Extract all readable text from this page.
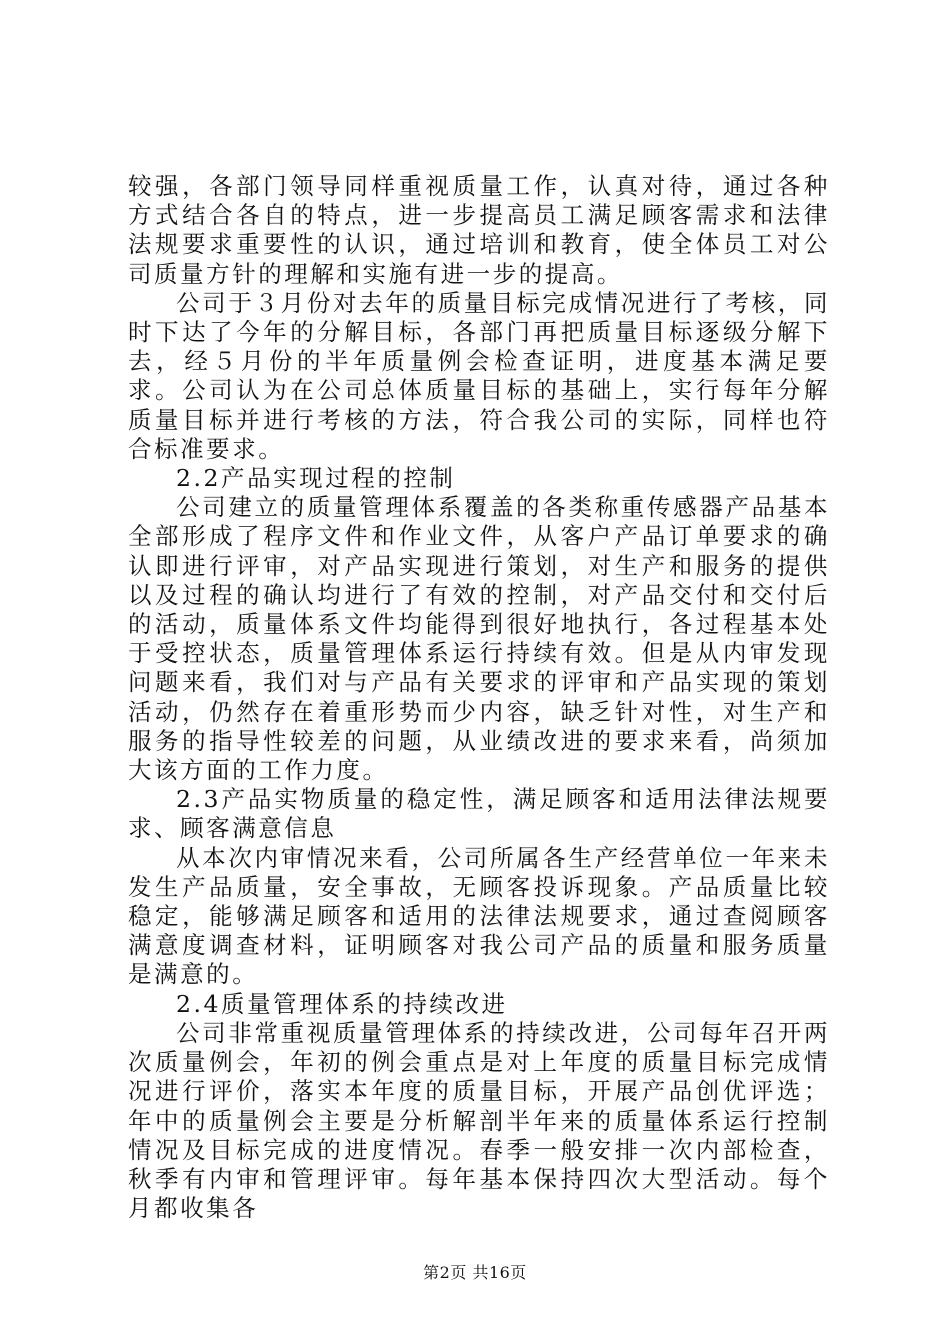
较强，各部门领导同样重视质量工作，认真对待，通过各种方式结合各自的特点，进一步提高员工满足顾客需求和法律法规要求重要性的认识，通过培训和教育，使全体员工对公司质量方针的理解和实施有进一步的提高。

公司于３月份对去年的质量目标完成情况进行了考核，同时下达了今年的分解目标，各部门再把质量目标逐级分解下去，经５月份的半年质量例会检查证明，进度基本满足要求。公司认为在公司总体质量目标的基础上，实行每年分解质量目标并进行考核的方法，符合我公司的实际，同样也符合标准要求。

2.2产品实现过程的控制

公司建立的质量管理体系覆盖的各类称重传感器产品基本全部形成了程序文件和作业文件，从客户产品订单要求的确认即进行评审，对产品实现进行策划，对生产和服务的提供以及过程的确认均进行了有效的控制，对产品交付和交付后的活动，质量体系文件均能得到很好地执行，各过程基本处于受控状态，质量管理体系运行持续有效。但是从内审发现问题来看，我们对与产品有关要求的评审和产品实现的策划活动，仍然存在着重形势而少内容，缺乏针对性，对生产和服务的指导性较差的问题，从业绩改进的要求来看，尚须加大该方面的工作力度。

2.3产品实物质量的稳定性，满足顾客和适用法律法规要求、顾客满意信息

从本次内审情况来看，公司所属各生产经营单位一年来未发生产品质量，安全事故，无顾客投诉现象。产品质量比较稳定，能够满足顾客和适用的法律法规要求，通过查阅顾客满意度调查材料，证明顾客对我公司产品的质量和服务质量是满意的。

2.4质量管理体系的持续改进

公司非常重视质量管理体系的持续改进，公司每年召开两次质量例会，年初的例会重点是对上年度的质量目标完成情况进行评价，落实本年度的质量目标，开展产品创优评选；年中的质量例会主要是分析解剖半年来的质量体系运行控制情况及目标完成的进度情况。春季一般安排一次内部检查，秋季有内审和管理评审。每年基本保持四次大型活动。每个月都收集各

第2页 共16页
